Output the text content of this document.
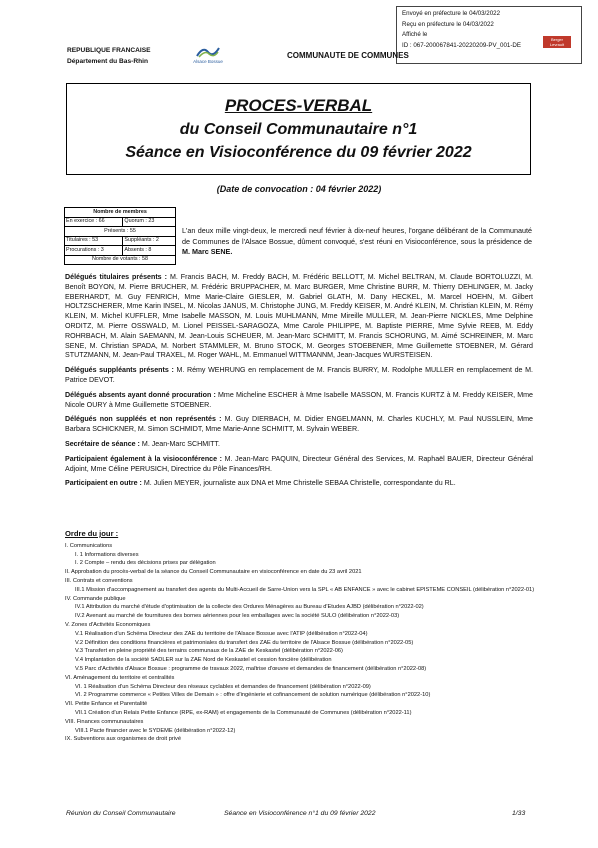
Envoyé en préfecture le 04/03/2022
Reçu en préfecture le 04/03/2022
Affiché le
ID : 067-200067841-20220209-PV_001-DE
Berger
Levrault
REPUBLIQUE FRANCAISE
Département du Bas-Rhin	Alsace Bossue
COMMUNAUTE DE COMMUNES
PROCES-VERBAL
du Conseil Communautaire n°1
Séance en Visioconférence du 09 février 2022
(Date de convocation : 04 février 2022)
Nombre de membres	
En exercice : 66	Quorum : 23
Présents : 55	
Titulaires : 53	Suppléants : 2
Procurations : 3	Absents : 8
Nombre de votants : 58	
L'an deux mille vingt-deux, le mercredi neuf février à dix-neuf heures, l'organe délibérant de la Communauté de Communes de l'Alsace Bossue, dûment convoqué, s'est réuni en Visioconférence, sous la présidence de M. Marc SENE.

Délégués titulaires présents : M. Francis BACH, M. Freddy BACH, M. Frédéric BELLOTT, M. Michel BELTRAN, M. Claude BORTOLUZZI, M. Benoît BOYON, M. Pierre BRUCHER, M. Frédéric BRUPPACHER, M. Marc BURGER, Mme Christine BURR, M. Thierry DEHLINGER, M. Jacky EBERHARDT, M. Guy FENRICH, Mme Marie-Claire GIESLER, M. Gabriel GLATH, M. Dany HECKEL, M. Marcel HOEHN, M. Gilbert HOLTZSCHERER, Mme Karin INSEL, M. Nicolas JANUS, M. Christophe JUNG, M. Freddy KEISER, M. André KLEIN, M. Christian KLEIN, M. Rémy KLEIN, M. Michel KUFFLER, Mme Isabelle MASSON, M. Louis MUHLMANN, Mme Mireille MULLER, M. Jean-Pierre NICKLES, Mme Delphine ORDITZ, M. Pierre OSSWALD, M. Lionel PEISSEL-SARAGOZA, Mme Carole PHILIPPE, M. Baptiste PIERRE, Mme Sylvie REEB, M. Eddy ROHRBACH, M. Alain SAEMANN, M. Jean-Louis SCHEUER, M. Jean-Marc SCHMITT, M. Francis SCHORUNG, M. Aimé SCHREINER, M. Marc SENE, M. Christian SPADA, M. Norbert STAMMLER, M. Bruno STOCK, M. Georges STOEBENER, Mme Guillemette STOEBNER, M. Gérard STUTZMANN, M. Jean-Paul TRAXEL, M. Roger WAHL, M. Emmanuel WITTMANNM, Jean-Jacques WURSTEISEN.

Délégués suppléants présents : M. Rémy WEHRUNG en remplacement de M. Francis BURRY, M. Rodolphe MULLER en remplacement de M. Patrice DEVOT.

Délégués absents ayant donné procuration : Mme Micheline ESCHER à Mme Isabelle MASSON, M. Francis KURTZ à M. Freddy KEISER, Mme Nicole OURY à Mme Guillemette STOEBNER.

Délégués non suppléés et non représentés : M. Guy DIERBACH, M. Didier ENGELMANN, M. Charles KUCHLY, M. Paul NUSSLEIN, Mme Barbara SCHICKNER, M. Simon SCHMIDT, Mme Marie-Anne SCHMITT, M. Sylvain WEBER.

Secrétaire de séance : M. Jean-Marc SCHMITT.

Participaient également à la visioconférence : M. Jean-Marc PAQUIN, Directeur Général des Services, M. Raphaël BAUER, Directeur Général Adjoint, Mme Céline PERUSICH, Directrice du Pôle Finances/RH.

Participaient en outre : M. Julien MEYER, journaliste aux DNA et Mme Christelle SEBAA Christelle, correspondante du RL.

Ordre du jour :
I. Communications
I. 1 Informations diverses
I. 2 Compte – rendu des décisions prises par délégation
II. Approbation du procès-verbal de la séance du Conseil Communautaire en visioconférence en date du 23 avril 2021
III. Contrats et conventions
III.1 Mission d'accompagnement au transfert des agents du Multi-Accueil de Sarre-Union vers la SPL « AB ENFANCE » avec le cabinet EPISTEME CONSEIL (délibération n°2022-01)
IV. Commande publique
IV.1 Attribution du marché d'étude d'optimisation de la collecte des Ordures Ménagères au Bureau d'Etudes AJBD (délibération n°2022-02)
IV.2 Avenant au marché de fournitures des bornes aériennes pour les emballages avec la société SULO (délibération n°2022-03)
V. Zones d'Activités Economiques
V.1 Réalisation d'un Schéma Directeur des ZAE du territoire de l'Alsace Bossue avec l'ATIP (délibération n°2022-04)
V.2 Définition des conditions financières et patrimoniales du transfert des ZAE du territoire de l'Alsace Bossue (délibération n°2022-05)
V.3 Transfert en pleine propriété des terrains communaux de la ZAE de Keskastel (délibération n°2022-06)
V.4 Implantation de la société SADLER sur la ZAE Nord de Keskastel et cession foncière (délibération
V.5 Parc d'Activités d'Alsace Bossue : programme de travaux 2022, maîtrise d'œuvre et demandes de financement (délibération n°2022-08)
VI. Aménagement du territoire et centralités
VI. 1 Réalisation d'un Schéma Directeur des réseaux cyclables et demandes de financement (délibération n°2022-09)
VI. 2 Programme commerce « Petites Villes de Demain » : offre d'ingénierie et cofinancement de solution numérique (délibération n°2022-10)
VII. Petite Enfance et Parentalité
VII.1 Création d'un Relais Petite Enfance (RPE, ex-RAM) et engagements de la Communauté de Communes (délibération n°2022-11)
VIII. Finances communautaires
VIII.1 Pacte financier avec le SYDEME (délibération n°2022-12)
IX. Subventions aux organismes de droit privé
Réunion du Conseil Communautaire	Séance en Visioconférence n°1 du 09 février 2022	1/33
